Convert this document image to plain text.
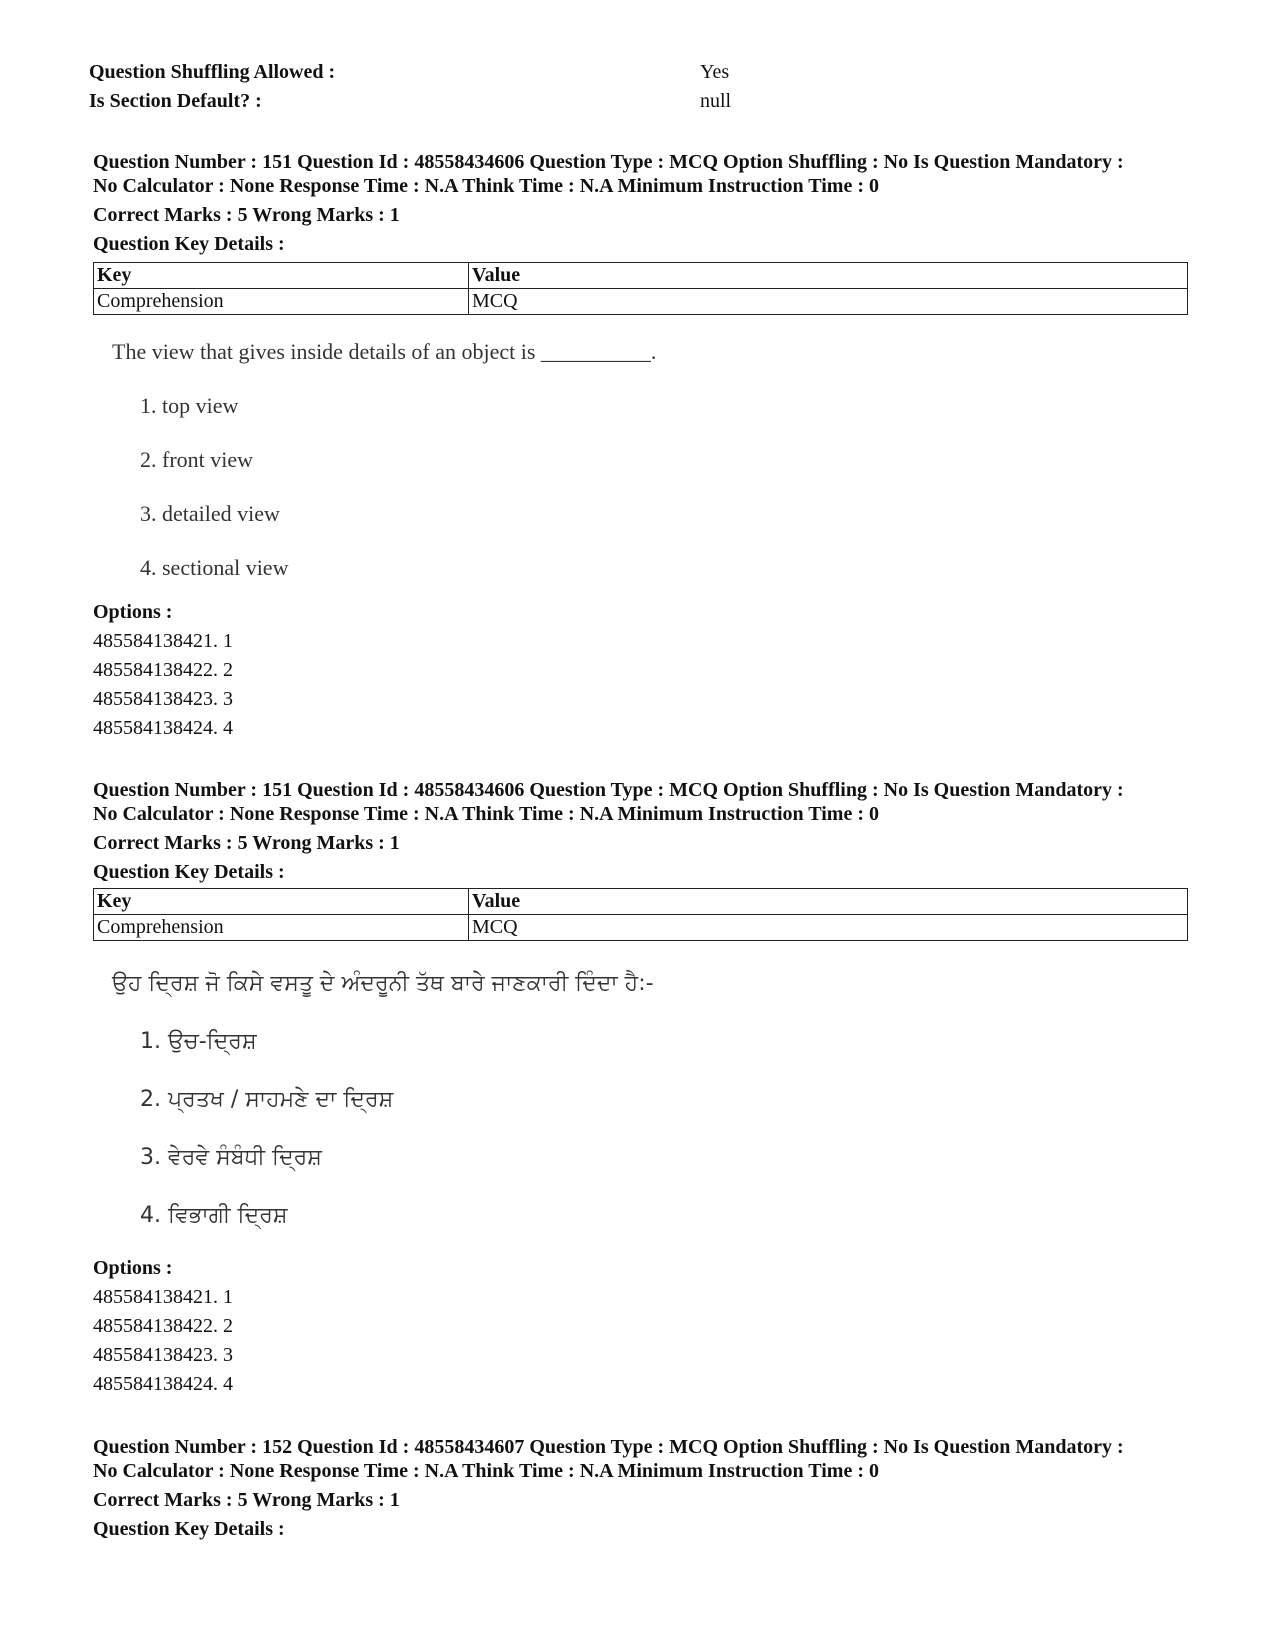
Question Shuffling Allowed :	Yes
Is Section Default? :	null
Question Number : 151 Question Id : 48558434606 Question Type : MCQ Option Shuffling : No Is Question Mandatory :
No Calculator : None Response Time : N.A Think Time : N.A Minimum Instruction Time : 0
Correct Marks : 5 Wrong Marks : 1
Question Key Details :
Key	Value
Comprehension	MCQ
The view that gives inside details of an object is __________.
1. top view
2. front view
3. detailed view
4. sectional view
Options :
485584138421. 1
485584138422. 2
485584138423. 3
485584138424. 4
Question Number : 151 Question Id : 48558434606 Question Type : MCQ Option Shuffling : No Is Question Mandatory :
No Calculator : None Response Time : N.A Think Time : N.A Minimum Instruction Time : 0
Correct Marks : 5 Wrong Marks : 1
Question Key Details :
Key	Value
Comprehension	MCQ
ਉਹ ਦ੍ਰਿਸ਼ ਜੋ ਕਿਸੇ ਵਸਤੂ ਦੇ ਅੰਦਰੂਨੀ ਤੱਥ ਬਾਰੇ ਜਾਣਕਾਰੀ ਦਿੰਦਾ ਹੈ:-
1. ਉਚ-ਦ੍ਰਿਸ਼
2. ਪ੍ਰਤਖ / ਸਾਹਮਣੇ ਦਾ ਦ੍ਰਿਸ਼
3. ਵੇਰਵੇ ਸੰਬੰਧੀ ਦ੍ਰਿਸ਼
4. ਵਿਭਾਗੀ ਦ੍ਰਿਸ਼
Options :
485584138421. 1
485584138422. 2
485584138423. 3
485584138424. 4
Question Number : 152 Question Id : 48558434607 Question Type : MCQ Option Shuffling : No Is Question Mandatory :
No Calculator : None Response Time : N.A Think Time : N.A Minimum Instruction Time : 0
Correct Marks : 5 Wrong Marks : 1
Question Key Details :
